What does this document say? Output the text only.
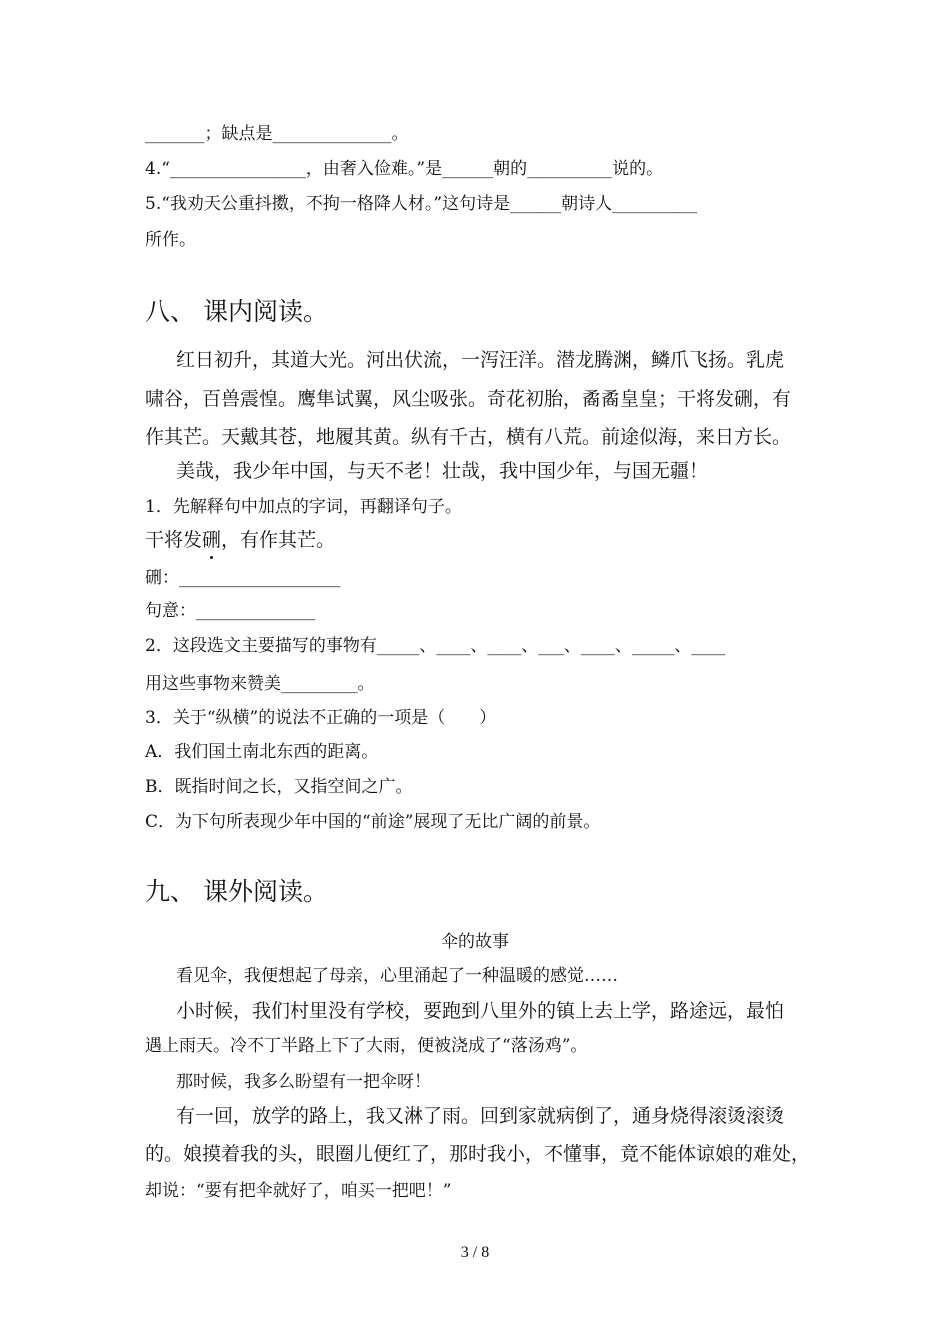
_______；缺点是______________。
4.“________________，由奢入俭难。”是______朝的__________说的。
5.“我劝天公重抖擞，不拘一格降人材。”这句诗是______朝诗人__________
所作。
八、 课内阅读。
红日初升，其道大光。河出伏流，一泻汪洋。潜龙腾渊，鳞爪飞扬。乳虎
啸谷，百兽震惶。鹰隼试翼，风尘吸张。奇花初胎，矞矞皇皇；干将发硎，有
作其芒。天戴其苍，地履其黄。纵有千古，横有八荒。前途似海，来日方长。
美哉，我少年中国，与天不老！壮哉，我中国少年，与国无疆！
1．先解释句中加点的字词，再翻译句子。
干将发硎，有作其芒。
硎：___________________
句意：______________
2．这段选文主要描写的事物有_____、____、____、___、____、_____、____
用这些事物来赞美_________。
3．关于“纵横”的说法不正确的一项是（　　）
A．我们国土南北东西的距离。
B．既指时间之长，又指空间之广。
C．为下句所表现少年中国的“前途”展现了无比广阔的前景。
九、 课外阅读。
伞的故事
看见伞，我便想起了母亲，心里涌起了一种温暖的感觉……
小时候，我们村里没有学校，要跑到八里外的镇上去上学，路途远，最怕
遇上雨天。冷不丁半路上下了大雨，便被浇成了“落汤鸡”。
那时候，我多么盼望有一把伞呀！
有一回，放学的路上，我又淋了雨。回到家就病倒了，通身烧得滚烫滚烫
的。娘摸着我的头，眼圈儿便红了，那时我小，不懂事，竟不能体谅娘的难处，
却说：“要有把伞就好了，咱买一把吧！”
3 / 8
